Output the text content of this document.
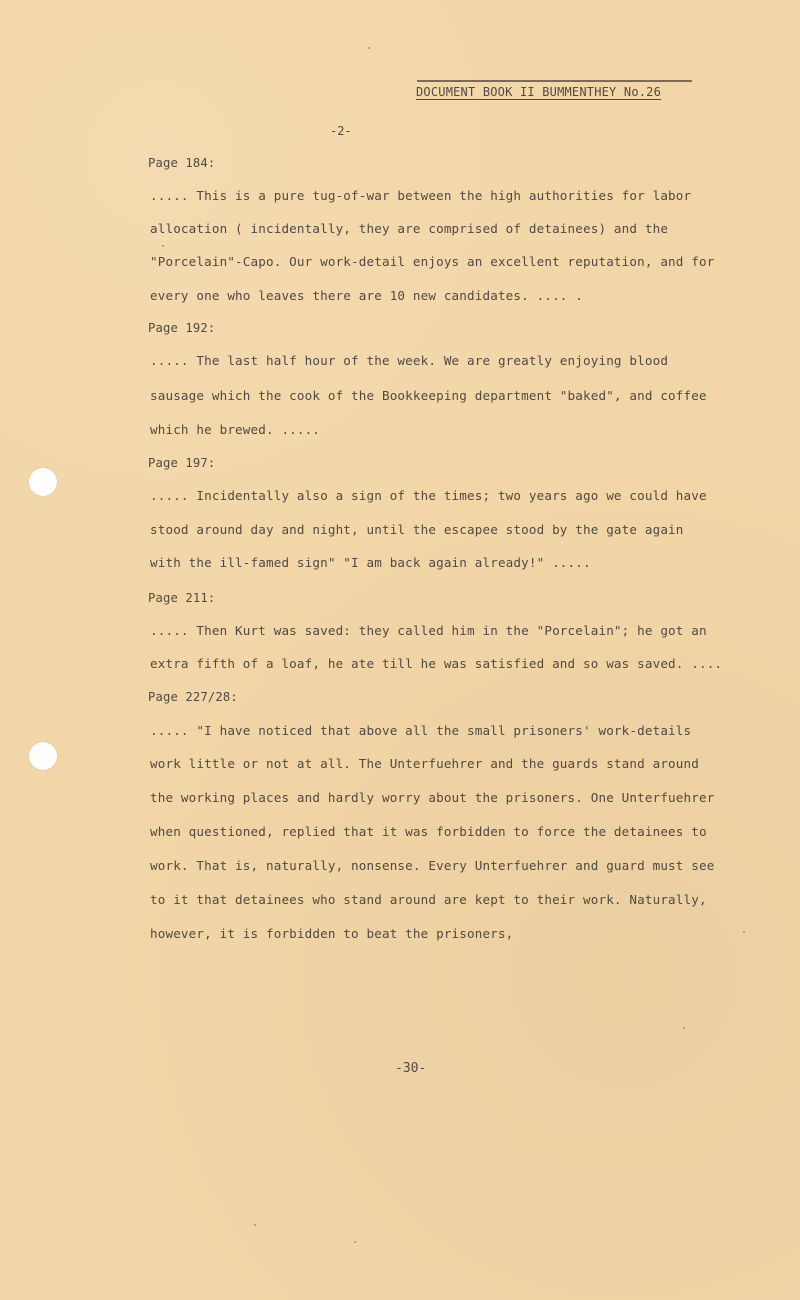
DOCUMENT BOOK II BUMMENTHEY No.26
-2-
Page 184:
..... This is a pure tug-of-war between the high authorities for labor
allocation ( incidentally, they are comprised of detainees) and the
"Porcelain"-Capo. Our work-detail enjoys an excellent reputation, and for
every one who leaves there are 10 new candidates. .... .
Page 192:
..... The last half hour of the week. We are greatly enjoying blood
sausage which the cook of the Bookkeeping department "baked", and coffee
which he brewed. .....
Page 197:
..... Incidentally also a sign of the times; two years ago we could have
stood around day and night, until the escapee stood by the gate again
with the ill-famed sign" "I am back again already!" .....
Page 211:
..... Then Kurt was saved: they called him in the "Porcelain"; he got an
extra fifth of a loaf, he ate till he was satisfied and so was saved. ....
Page 227/28:
..... "I have noticed that above all the small prisoners' work-details
work little or not at all. The Unterfuehrer and the guards stand around
the working places and hardly worry about the prisoners. One Unterfuehrer
when questioned, replied that it was forbidden to force the detainees to
work. That is, naturally, nonsense. Every Unterfuehrer and guard must see
to it that detainees who stand around are kept to their work. Naturally,
however, it is forbidden to beat the prisoners,
-30-
